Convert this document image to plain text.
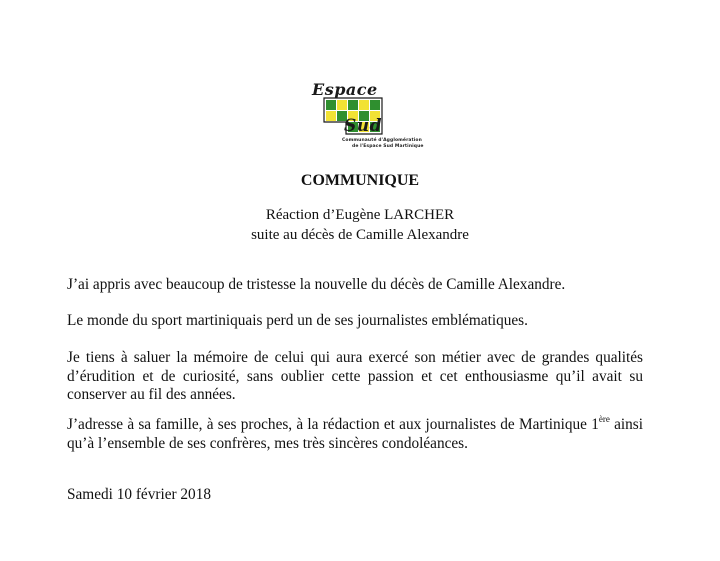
Espace
Sud
Communauté d'Agglomération
de l'Espace Sud Martinique
COMMUNIQUE
Réaction d’Eugène LARCHER
suite au décès de Camille Alexandre
J’ai appris avec beaucoup de tristesse la nouvelle du décès de Camille Alexandre.
Le monde du sport martiniquais perd un de ses journalistes emblématiques.
Je tiens à saluer la mémoire de celui qui aura exercé son métier avec de grandes qualités d’érudition et de curiosité, sans oublier cette passion et cet enthousiasme qu’il avait su conserver au fil des années.
J’adresse à sa famille, à ses proches, à la rédaction et aux journalistes de Martinique 1ère ainsi qu’à l’ensemble de ses confrères, mes très sincères condoléances.
Samedi 10 février 2018
